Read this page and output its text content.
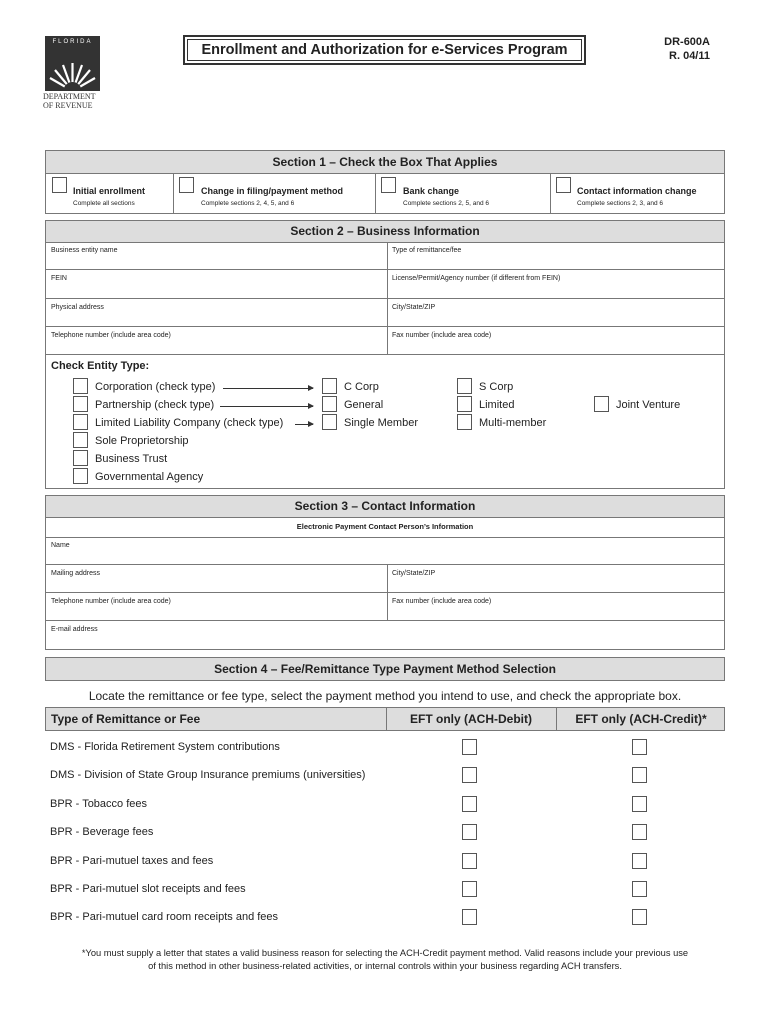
FLORIDA
DEPARTMENT
OF REVENUE
Enrollment and Authorization for e-Services Program	DR-600A
R. 04/11
Section 1 – Check the Box That Applies
Initial enrollment
Complete all sections
Change in filing/payment method
Complete sections 2, 4, 5, and 6
Bank change
Complete sections 2, 5, and 6
Contact information change
Complete sections 2, 3, and 6
Section 2 – Business Information
Business entity name	Type of remittance/fee
FEIN	License/Permit/Agency number (if different from FEIN)
Physical address	City/State/ZIP
Telephone number (include area code)	Fax number (include area code)
Check Entity Type:
Corporation (check type)
Partnership (check type)
Limited Liability Company (check type)
Sole Proprietorship
Business Trust
Governmental Agency
C Corp	S Corp
General	Limited	Joint Venture
Single Member	Multi-member
Section 3 – Contact Information
Electronic Payment Contact Person’s Information
Name
Mailing address	City/State/ZIP
Telephone number (include area code)	Fax number (include area code)
E-mail address
Section 4 – Fee/Remittance Type Payment Method Selection
Locate the remittance or fee type, select the payment method you intend to use, and check the appropriate box.
Type of Remittance or Fee	EFT only (ACH-Debit)	EFT only (ACH-Credit)*
DMS - Florida Retirement System contributions
DMS - Division of State Group Insurance premiums (universities)
BPR - Tobacco fees
BPR - Beverage fees
BPR - Pari-mutuel taxes and fees
BPR - Pari-mutuel slot receipts and fees
BPR - Pari-mutuel card room receipts and fees
*You must supply a letter that states a valid business reason for selecting the ACH-Credit payment method. Valid reasons include your previous use
of this method in other business-related activities, or internal controls within your business regarding ACH transfers.
